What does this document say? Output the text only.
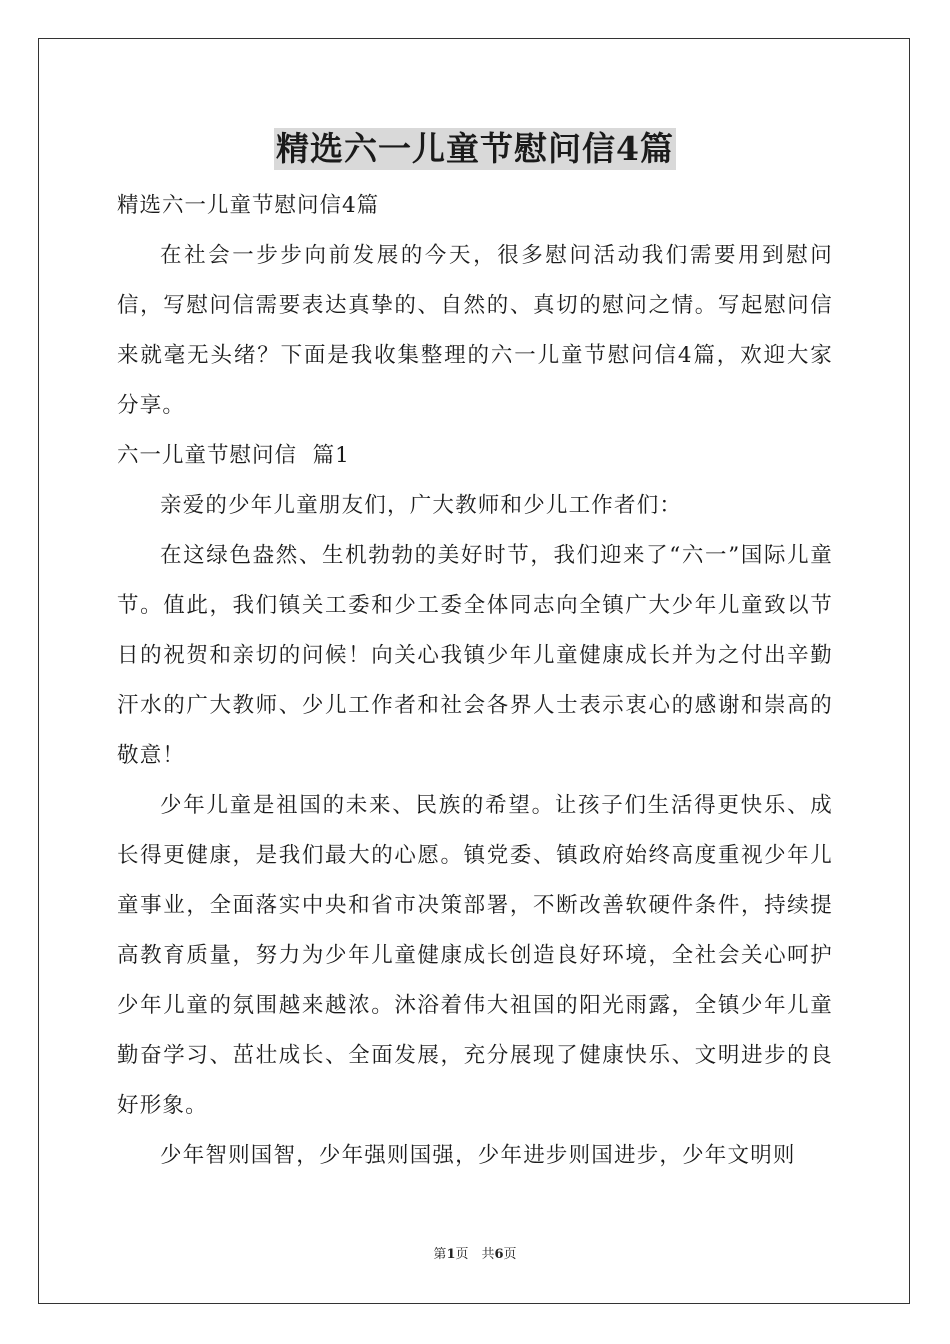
精选六一儿童节慰问信4篇

精选六一儿童节慰问信4篇

在社会一步步向前发展的今天，很多慰问活动我们需要用到慰问信，写慰问信需要表达真挚的、自然的、真切的慰问之情。写起慰问信来就毫无头绪？下面是我收集整理的六一儿童节慰问信4篇，欢迎大家分享。

六一儿童节慰问信  篇1

亲爱的少年儿童朋友们，广大教师和少儿工作者们：

在这绿色盎然、生机勃勃的美好时节，我们迎来了“六一”国际儿童节。值此，我们镇关工委和少工委全体同志向全镇广大少年儿童致以节日的祝贺和亲切的问候！向关心我镇少年儿童健康成长并为之付出辛勤汗水的广大教师、少儿工作者和社会各界人士表示衷心的感谢和崇高的敬意！

少年儿童是祖国的未来、民族的希望。让孩子们生活得更快乐、成长得更健康，是我们最大的心愿。镇党委、镇政府始终高度重视少年儿童事业，全面落实中央和省市决策部署，不断改善软硬件条件，持续提高教育质量，努力为少年儿童健康成长创造良好环境，全社会关心呵护少年儿童的氛围越来越浓。沐浴着伟大祖国的阳光雨露，全镇少年儿童勤奋学习、茁壮成长、全面发展，充分展现了健康快乐、文明进步的良好形象。

少年智则国智，少年强则国强，少年进步则国进步，少年文明则

第1页　共6页
